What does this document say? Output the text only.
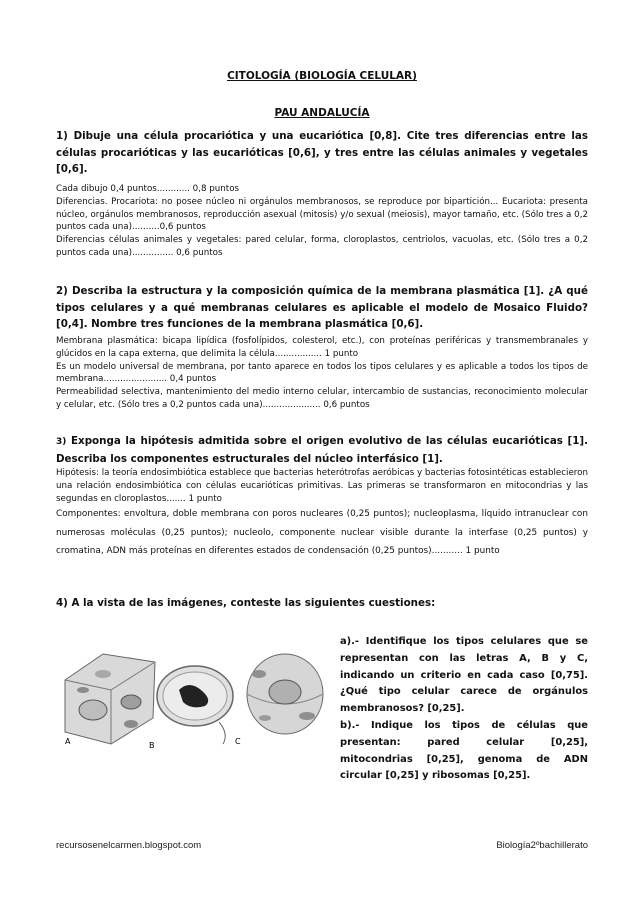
CITOLOGÍA (BIOLOGÍA CELULAR)
PAU ANDALUCÍA
1) Dibuje una célula procariótica y una eucariótica [0,8]. Cite tres diferencias entre las células procarióticas y las eucarióticas [0,6], y tres entre las células animales y vegetales [0,6].

Cada dibujo 0,4 puntos............ 0,8 puntos

Diferencias. Procariota: no posee núcleo ni orgánulos membranosos, se reproduce por bipartición... Eucariota: presenta núcleo, orgánulos membranosos, reproducción asexual (mitosis) y/o sexual (meiosis), mayor tamaño, etc. (Sólo tres a 0,2 puntos cada una)..........0,6 puntos

Diferencias células animales y vegetales: pared celular, forma, cloroplastos, centriolos, vacuolas, etc. (Sólo tres a 0,2 puntos cada una)............... 0,6 puntos

2) Describa la estructura y la composición química de la membrana plasmática [1]. ¿A qué tipos celulares y a qué membranas celulares es aplicable el modelo de Mosaico Fluido? [0,4]. Nombre tres funciones de la membrana plasmática [0,6].

Membrana plasmática: bicapa lipídica (fosfolípidos, colesterol, etc.), con proteínas periféricas y transmembranales y glúcidos en la capa externa, que delimita la célula................. 1 punto

Es un modelo universal de membrana, por tanto aparece en todos los tipos celulares y es aplicable a todos los tipos de membrana....................... 0,4 puntos

Permeabilidad selectiva, mantenimiento del medio interno celular, intercambio de sustancias, reconocimiento molecular y celular, etc. (Sólo tres a 0,2 puntos cada una)..................... 0,6 puntos

3) Exponga la hipótesis admitida sobre el origen evolutivo de las células eucarióticas [1]. Describa los componentes estructurales del núcleo interfásico [1].

Hipótesis: la teoría endosimbiótica establece que bacterias heterótrofas aeróbicas y bacterias fotosintéticas establecieron una relación endosimbiótica con células eucarióticas primitivas. Las primeras se transformaron en mitocondrias y las segundas en cloroplastos....... 1 punto

Componentes: envoltura, doble membrana con poros nucleares (0,25 puntos); nucleoplasma, líquido intranuclear con numerosas moléculas (0,25 puntos); nucleolo, componente nuclear visible durante la interfase (0,25 puntos) y cromatina, ADN más proteínas en diferentes estados de condensación (0,25 puntos)........... 1 punto

4) A la vista de las imágenes, conteste las siguientes cuestiones:
A	B	C

a).- Identifique los tipos celulares que se representan con las letras A, B y C, indicando un criterio en cada caso [0,75]. ¿Qué tipo celular carece de orgánulos membranosos? [0,25].

b).- Indique los tipos de células que presentan: pared celular [0,25], mitocondrias [0,25], genoma de ADN circular [0,25] y ribosomas [0,25].

recursosenelcarmen.blogspot.com	Biología2ºbachillerato
